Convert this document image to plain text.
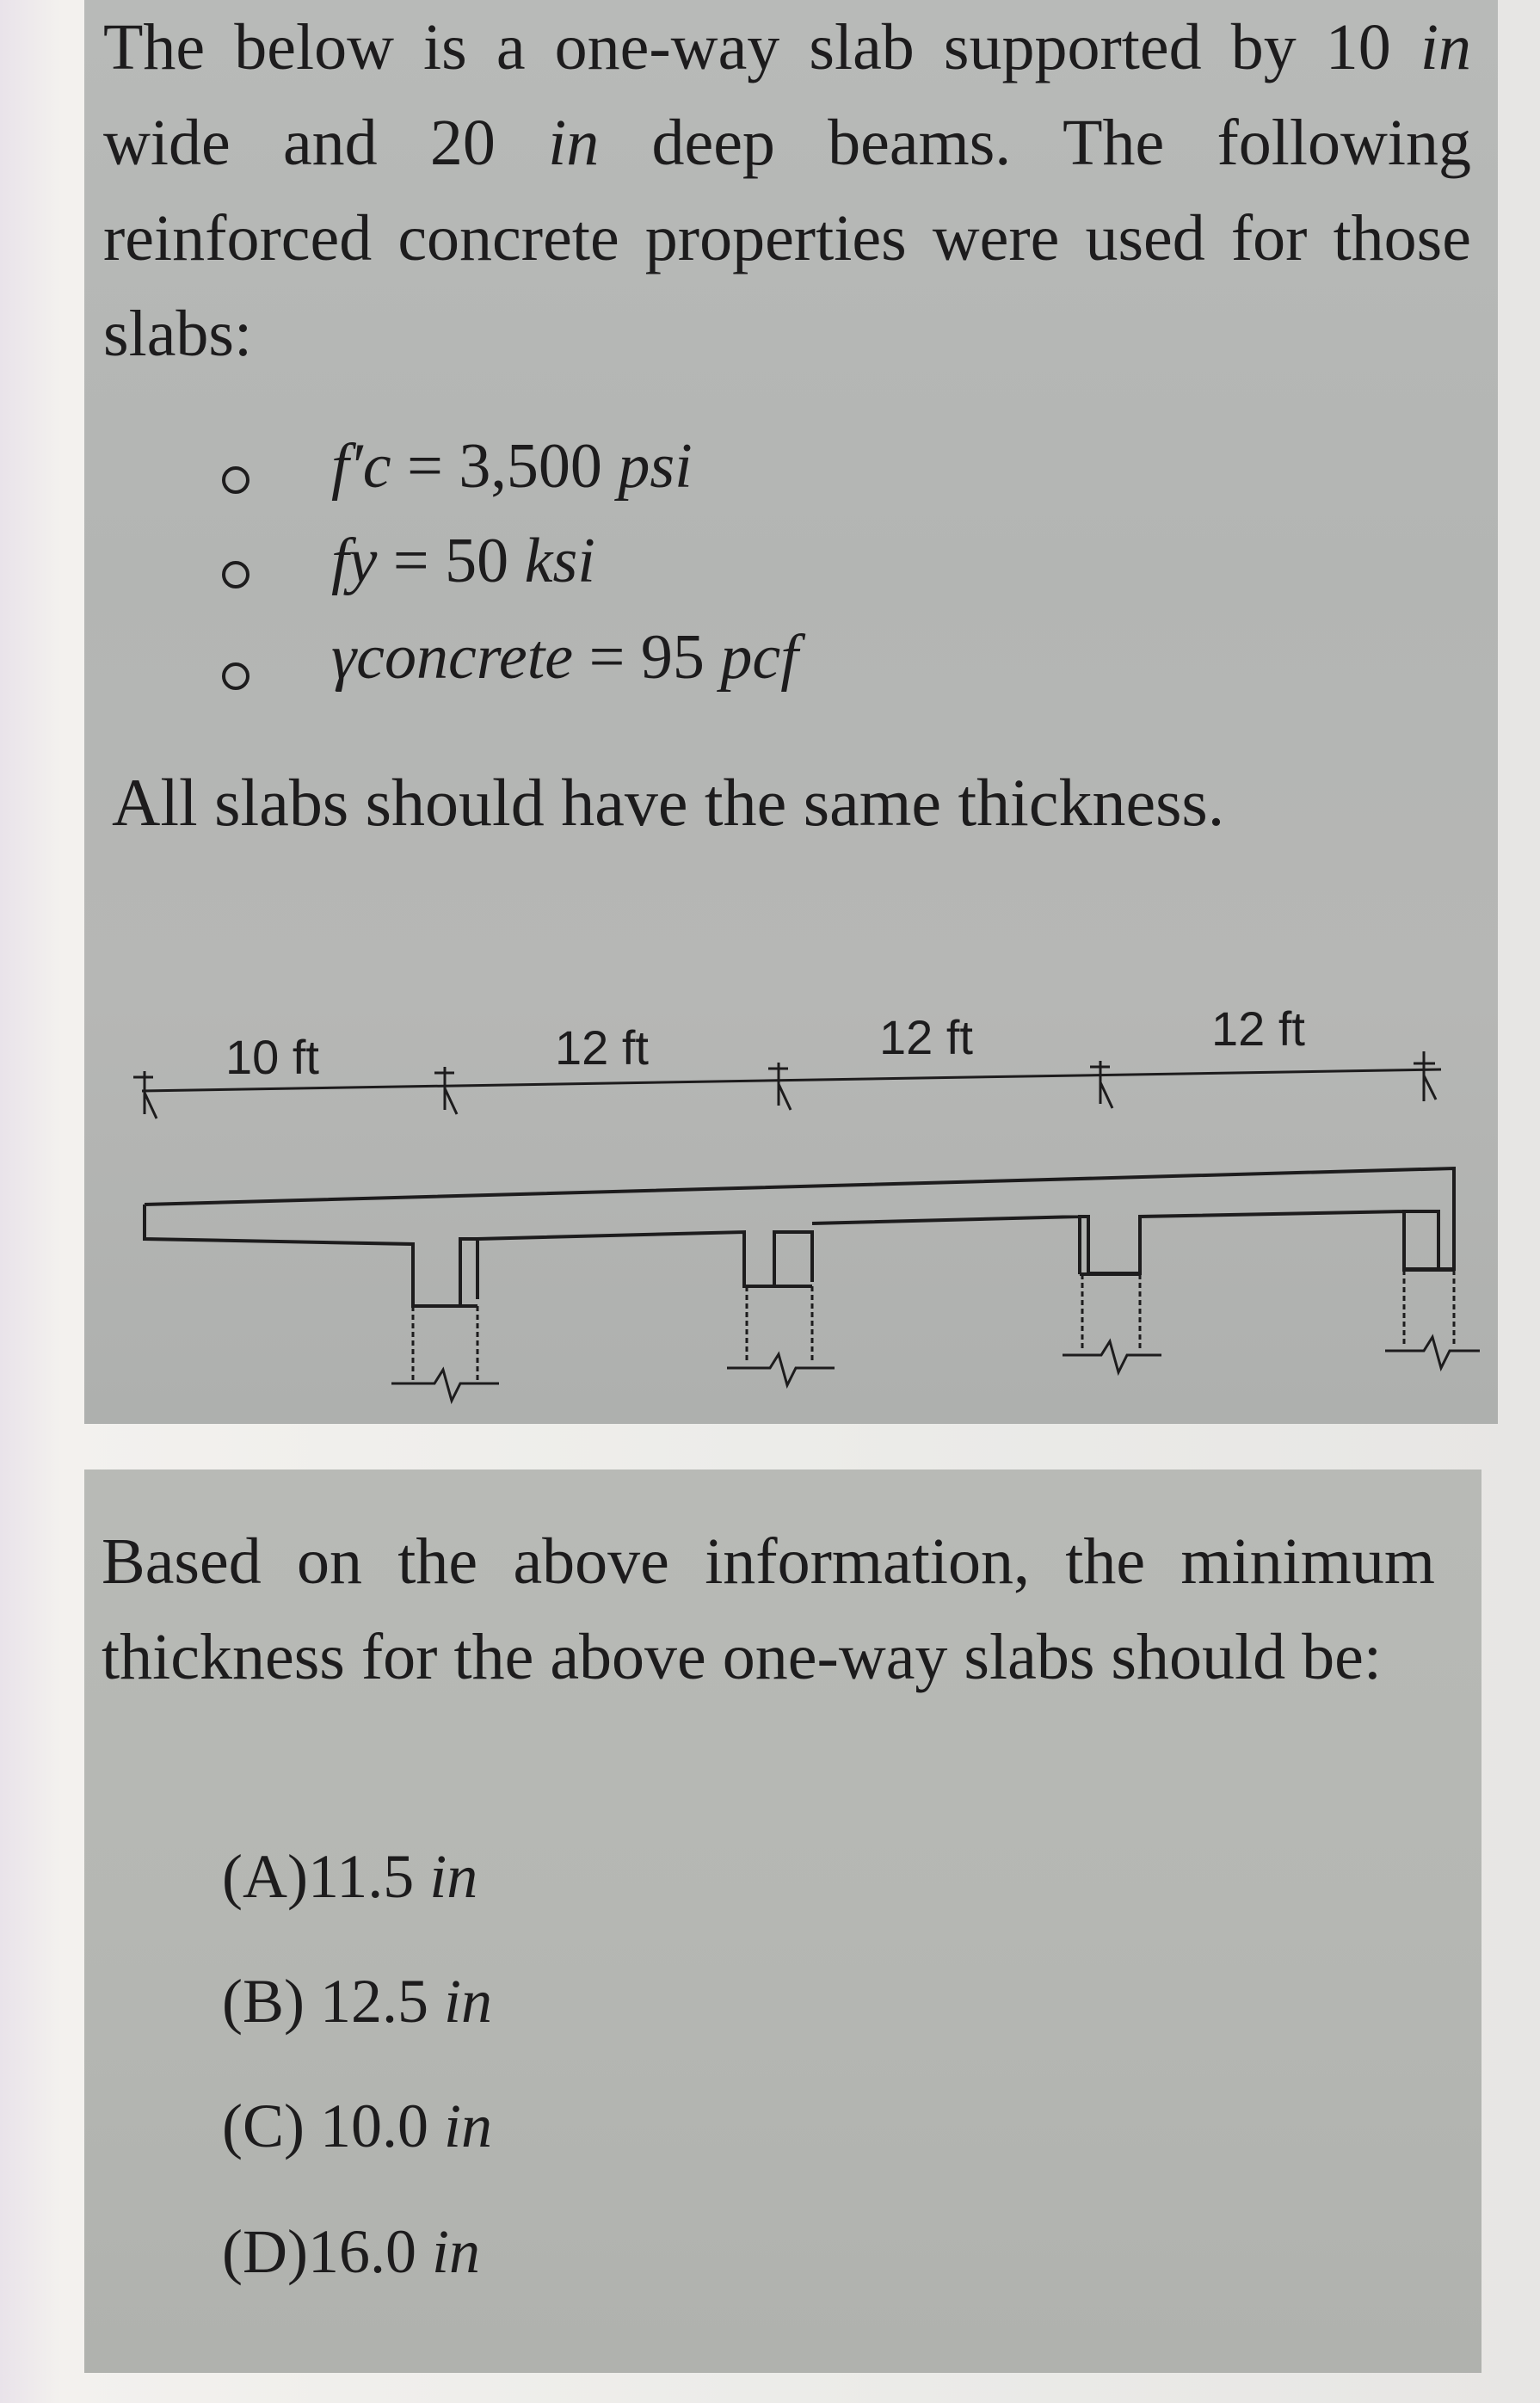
The below is a one-way slab supported by 10 in wide and 20 in deep beams. The following reinforced concrete properties were used for those slabs:
f′c = 3,500 psi
fy = 50 ksi
γconcrete = 95 pcf
All slabs should have the same thickness.
10 ft	12 ft	12 ft	12 ft
Based on the above information, the minimum thickness for the above one-way slabs should be:
(A)11.5 in
(B) 12.5 in
(C) 10.0 in
(D)16.0 in
